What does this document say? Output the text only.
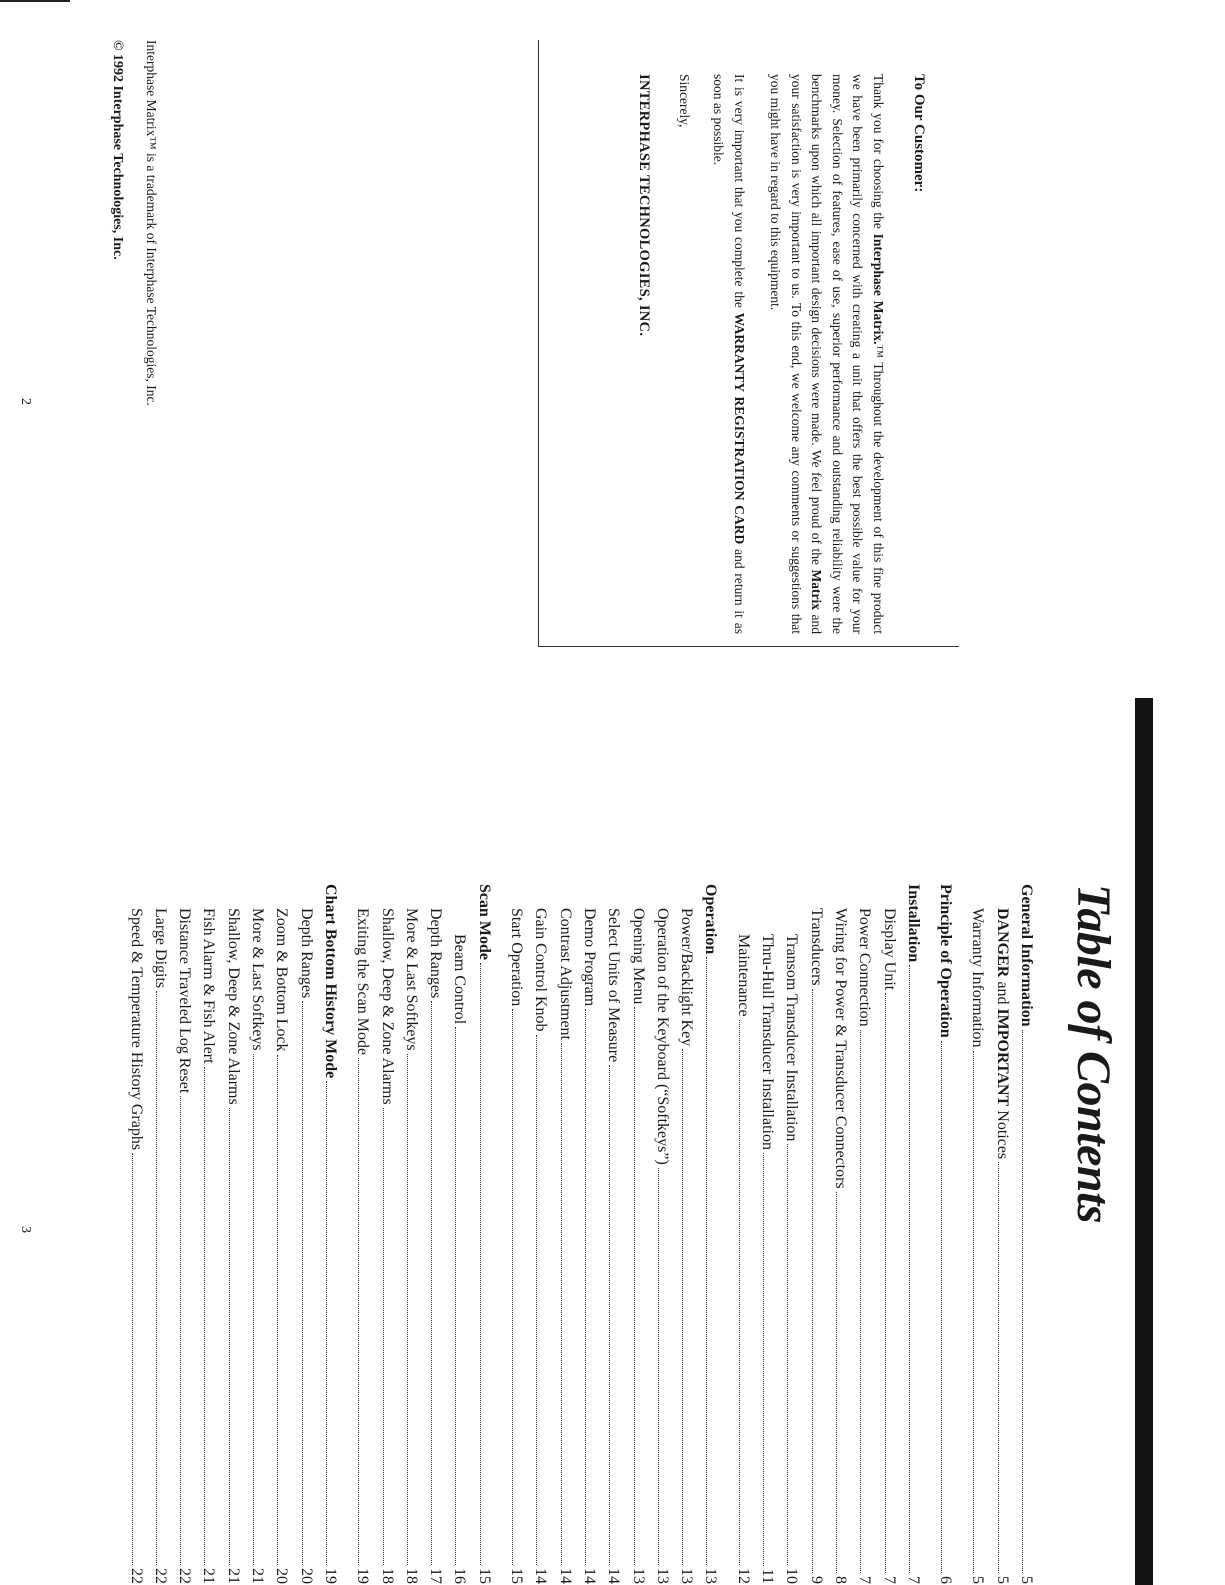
To Our Customer:

Thank you for choosing the Interphase Matrix.™ Throughout the development of this fine product we have been primarily concerned with creating a unit that offers the best possible value for your money. Selection of features, ease of use, superior performance and outstanding reliability were the benchmarks upon which all important design decisions were made. We feel proud of the Matrix and your satisfaction is very important to us. To this end, we welcome any comments or suggestions that you might have in regard to this equipment.

It is very important that you complete the WARRANTY REGISTRATION CARD and return it as soon as possible.

Sincerely,

INTERPHASE TECHNOLOGIES, INC.

Interphase Matrix™ is a trademark of Interphase Technologies, Inc.
© 1992 Interphase Technologies, Inc.
2
Table of Contents
General Information
5
DANGER and IMPORTANT Notices
5
Warranty Information
5
Principle of Operation
6
Installation
7
Display Unit
7
Power Connection
7
Wiring for Power & Transducer Connectors
8
Transducers
9
Transom Transducer Installation
10
Thru-Hull Transducer Installation
11
Maintenance
12
Operation
13
Power/Backlight Key
13
Operation of the Keyboard (“Softkeys”)
13
Opening Menu
13
Select Units of Measure
14
Demo Program
14
Contrast Adjustment
14
Gain Control Knob
14
Start Operation
15
Scan Mode
15
Beam Control
16
Depth Ranges
17
More & Last Softkeys
18
Shallow, Deep & Zone Alarms
18
Exiting the Scan Mode
19
Chart Bottom History Mode
19
Depth Ranges
20
Zoom & Bottom Lock
20
More & Last Softkeys
21
Shallow, Deep & Zone Alarms
21
Fish Alarm & Fish Alert
21
Distance Traveled Log Reset
22
Large Digits
22
Speed & Temperature History Graphs
22
3
